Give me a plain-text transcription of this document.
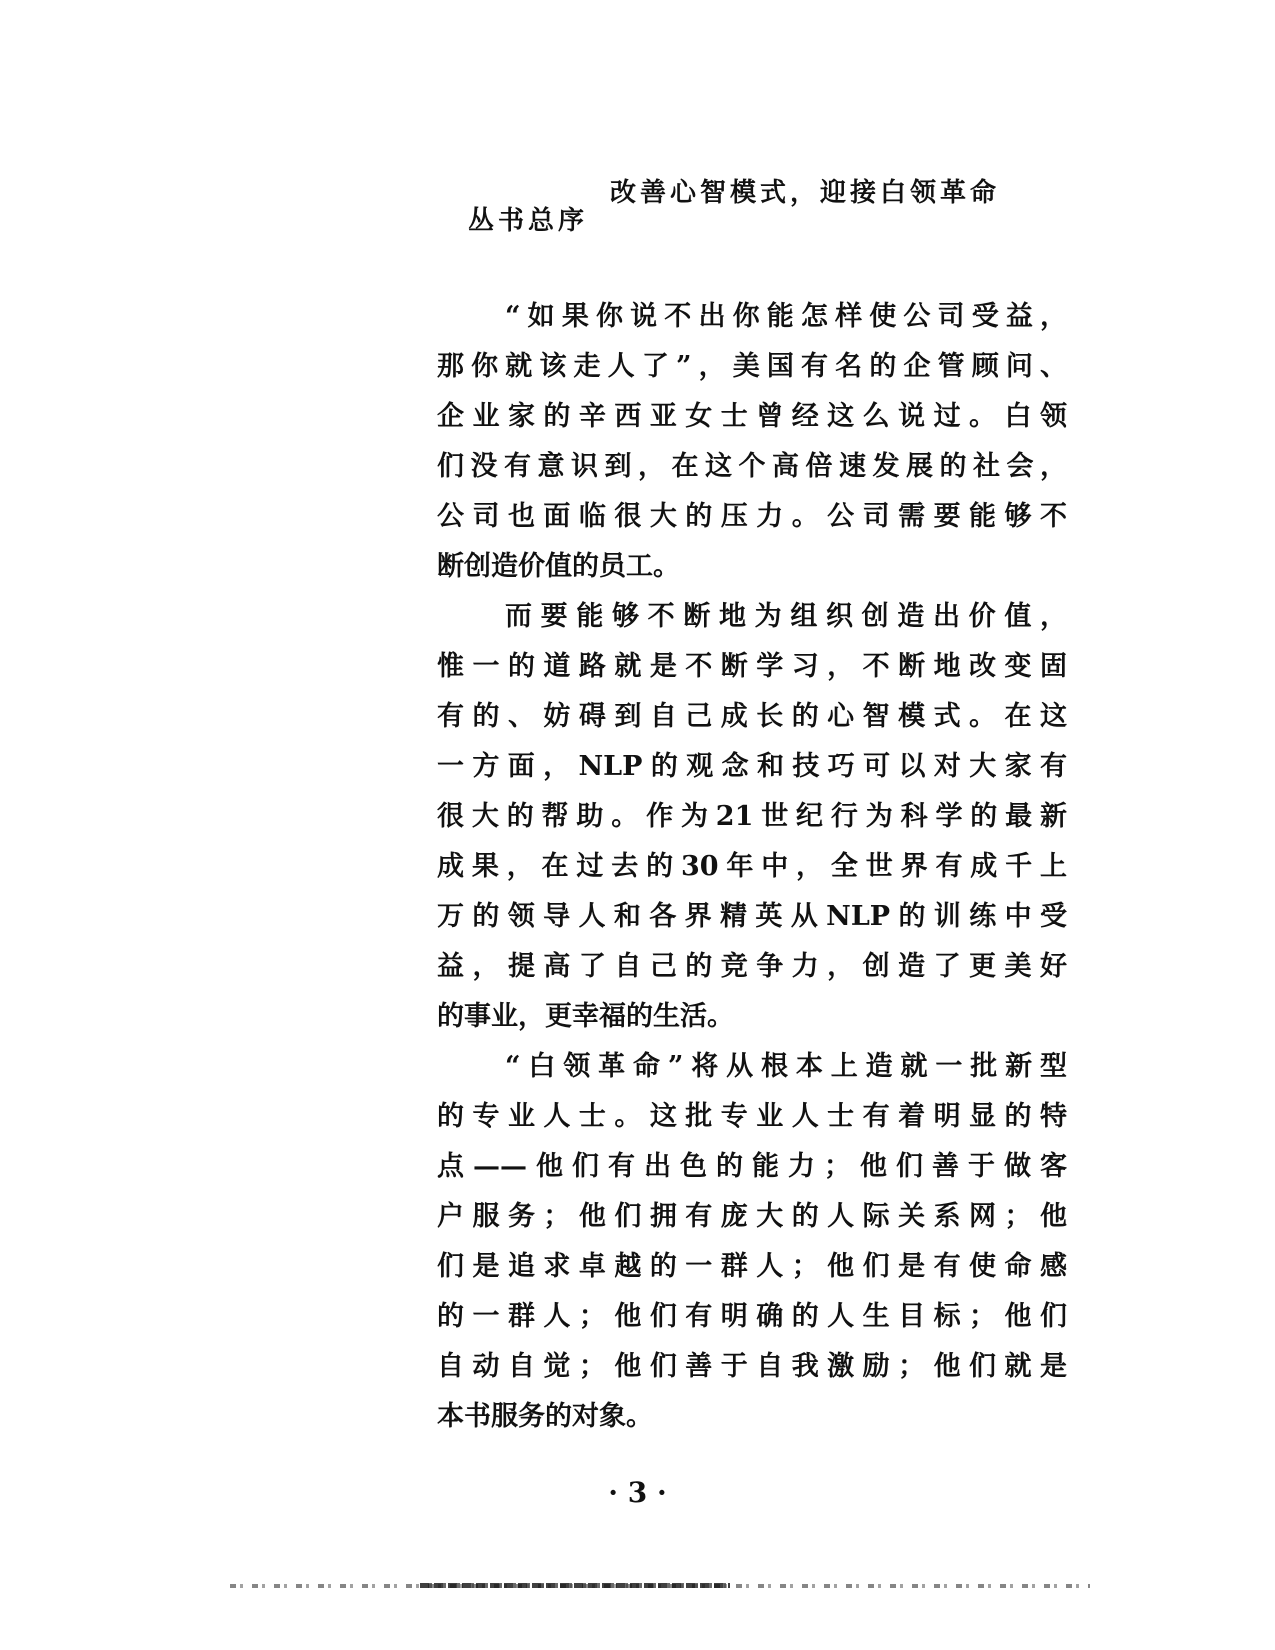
改善心智模式，迎接白领革命
丛书总序
“如果你说不出你能怎样使公司受益，
那你就该走人了”，美国有名的企管顾问、
企业家的辛西亚女士曾经这么说过。白领
们没有意识到，在这个高倍速发展的社会，
公司也面临很大的压力。公司需要能够不
断创造价值的员工。
而要能够不断地为组织创造出价值，
惟一的道路就是不断学习，不断地改变固
有的、妨碍到自己成长的心智模式。在这
一方面，NLP的观念和技巧可以对大家有
很大的帮助。作为21世纪行为科学的最新
成果，在过去的30年中，全世界有成千上
万的领导人和各界精英从NLP的训练中受
益，提高了自己的竞争力，创造了更美好
的事业，更幸福的生活。
“白领革命”将从根本上造就一批新型
的专业人士。这批专业人士有着明显的特
点——他们有出色的能力；他们善于做客
户服务；他们拥有庞大的人际关系网；他
们是追求卓越的一群人；他们是有使命感
的一群人；他们有明确的人生目标；他们
自动自觉；他们善于自我激励；他们就是
本书服务的对象。
· 3 ·
